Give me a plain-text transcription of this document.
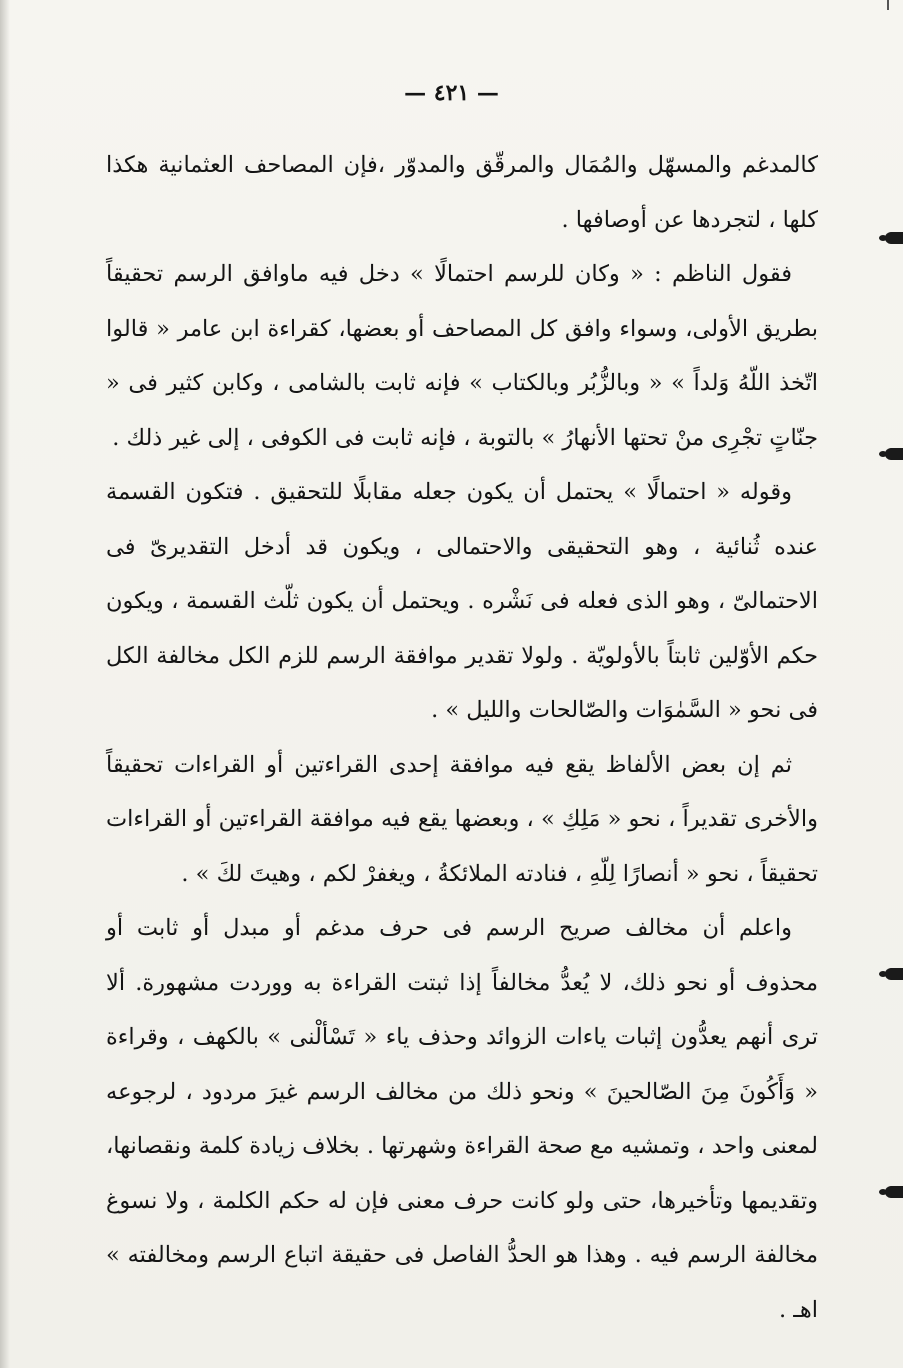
— ٤٢١ —

كالمدغم والمسهّل والمُمَال والمرقّق والمدوّر ،فإن المصاحف العثمانية هكذا كلها ، لتجردها عن أوصافها .

فقول الناظم : « وكان للرسم احتمالًا » دخل فيه ماوافق الرسم تحقيقاً بطريق الأولى، وسواء وافق كل المصاحف أو بعضها، كقراءة ابن عامر « قالوا اتّخذ اللّهُ وَلداً » « وبالزُّبُر وبالكتاب » فإنه ثابت بالشامى ، وكابن كثير فى « جنّاتٍ تجْرِى منْ تحتها الأنهارُ » بالتوبة ، فإنه ثابت فى الكوفى ، إلى غير ذلك .

وقوله « احتمالًا » يحتمل أن يكون جعله مقابلًا للتحقيق . فتكون القسمة عنده ثُنائية ، وهو التحقيقى والاحتمالى ، ويكون قد أدخل التقديرىّ فى الاحتمالىّ ، وهو الذى فعله فى نَشْره . ويحتمل أن يكون ثلّث القسمة ، ويكون حكم الأوّلين ثابتاً بالأولويّة . ولولا تقدير موافقة الرسم للزم الكل مخالفة الكل فى نحو « السَّمٰوَات والصّالحات والليل » .

ثم إن بعض الألفاظ يقع فيه موافقة إحدى القراءتين أو القراءات تحقيقاً والأخرى تقديراً ، نحو « مَلِكِ » ، وبعضها يقع فيه موافقة القراءتين أو القراءات تحقيقاً ، نحو « أنصارًا لِلّهِ ، فنادته الملائكةُ ، ويغفرْ لكم ، وهيتَ لكَ » .

واعلم أن مخالف صريح الرسم فى حرف مدغم أو مبدل أو ثابت أو محذوف أو نحو ذلك، لا يُعدُّ مخالفاً إذا ثبتت القراءة به ووردت مشهورة. ألا ترى أنهم يعدُّون إثبات ياءات الزوائد وحذف ياء « تَسْألْنى » بالكهف ، وقراءة « وَأَكُونَ مِنَ الصّالحينَ » ونحو ذلك من مخالف الرسم غيرَ مردود ، لرجوعه لمعنى واحد ، وتمشيه مع صحة القراءة وشهرتها . بخلاف زيادة كلمة ونقصانها، وتقديمها وتأخيرها، حتى ولو كانت حرف معنى فإن له حكم الكلمة ، ولا نسوغ مخالفة الرسم فيه . وهذا هو الحدُّ الفاصل فى حقيقة اتباع الرسم ومخالفته » اهـ .
